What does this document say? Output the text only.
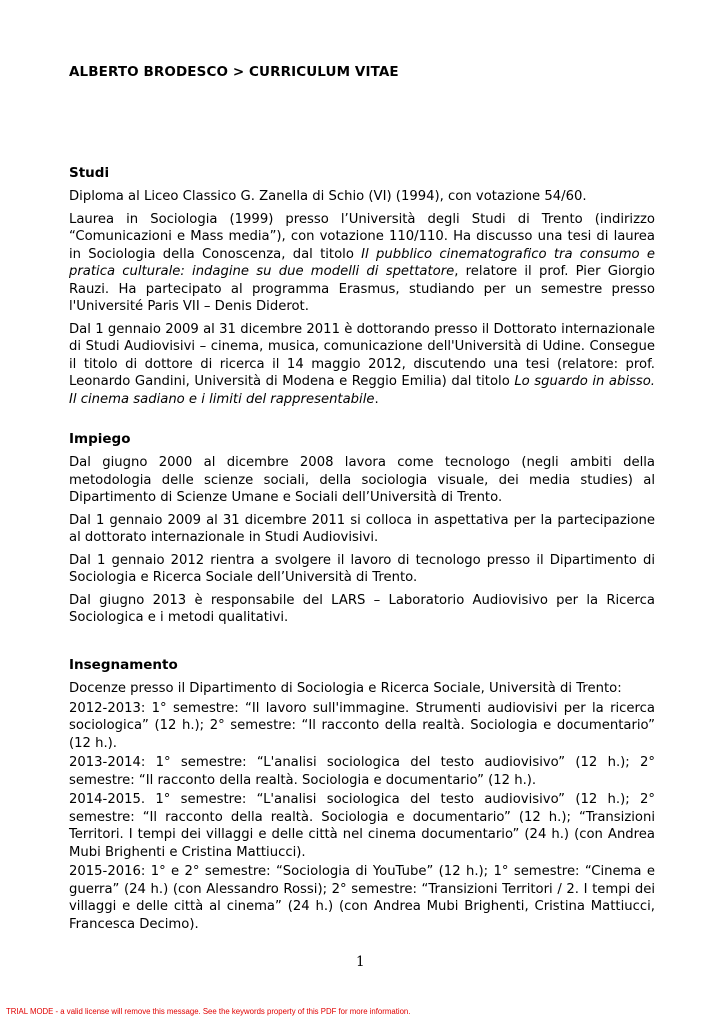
ALBERTO BRODESCO > CURRICULUM VITAE
Studi
Diploma al Liceo Classico G. Zanella di Schio (VI) (1994), con votazione 54/60.
Laurea in Sociologia (1999) presso l’Università degli Studi di Trento (indirizzo “Comunicazioni e Mass media”), con votazione 110/110. Ha discusso una tesi di laurea in Sociologia della Conoscenza, dal titolo Il pubblico cinematografico tra consumo e pratica culturale: indagine su due modelli di spettatore, relatore il prof. Pier Giorgio Rauzi. Ha partecipato al programma Erasmus, studiando per un semestre presso l'Université Paris VII – Denis Diderot.
Dal 1 gennaio 2009 al 31 dicembre 2011 è dottorando presso il Dottorato internazionale di Studi Audiovisivi – cinema, musica, comunicazione dell'Università di Udine. Consegue il titolo di dottore di ricerca il 14 maggio 2012, discutendo una tesi (relatore: prof. Leonardo Gandini, Università di Modena e Reggio Emilia) dal titolo Lo sguardo in abisso. Il cinema sadiano e i limiti del rappresentabile.
Impiego
Dal giugno 2000 al dicembre 2008 lavora come tecnologo (negli ambiti della metodologia delle scienze sociali, della sociologia visuale, dei media studies) al Dipartimento di Scienze Umane e Sociali dell’Università di Trento.
Dal 1 gennaio 2009 al 31 dicembre 2011 si colloca in aspettativa per la partecipazione al dottorato internazionale in Studi Audiovisivi.
Dal 1 gennaio 2012 rientra a svolgere il lavoro di tecnologo presso il Dipartimento di Sociologia e Ricerca Sociale dell’Università di Trento.
Dal giugno 2013 è responsabile del LARS – Laboratorio Audiovisivo per la Ricerca Sociologica e i metodi qualitativi.
Insegnamento
Docenze presso il Dipartimento di Sociologia e Ricerca Sociale, Università di Trento:
2012-2013: 1° semestre: “Il lavoro sull'immagine. Strumenti audiovisivi per la ricerca sociologica” (12 h.); 2° semestre: “Il racconto della realtà. Sociologia e documentario” (12 h.).
2013-2014: 1° semestre: “L'analisi sociologica del testo audiovisivo” (12 h.); 2° semestre: “Il racconto della realtà. Sociologia e documentario” (12 h.).
2014-2015. 1° semestre: “L'analisi sociologica del testo audiovisivo” (12 h.); 2° semestre: “Il racconto della realtà. Sociologia e documentario” (12 h.); “Transizioni Territori. I tempi dei villaggi e delle città nel cinema documentario” (24 h.) (con Andrea Mubi Brighenti e Cristina Mattiucci).
2015-2016: 1° e 2° semestre: “Sociologia di YouTube” (12 h.); 1° semestre: “Cinema e guerra” (24 h.) (con Alessandro Rossi); 2° semestre: “Transizioni Territori / 2. I tempi dei villaggi e delle città al cinema” (24 h.) (con Andrea Mubi Brighenti, Cristina Mattiucci, Francesca Decimo).
1
TRIAL MODE - a valid license will remove this message. See the keywords property of this PDF for more information.
